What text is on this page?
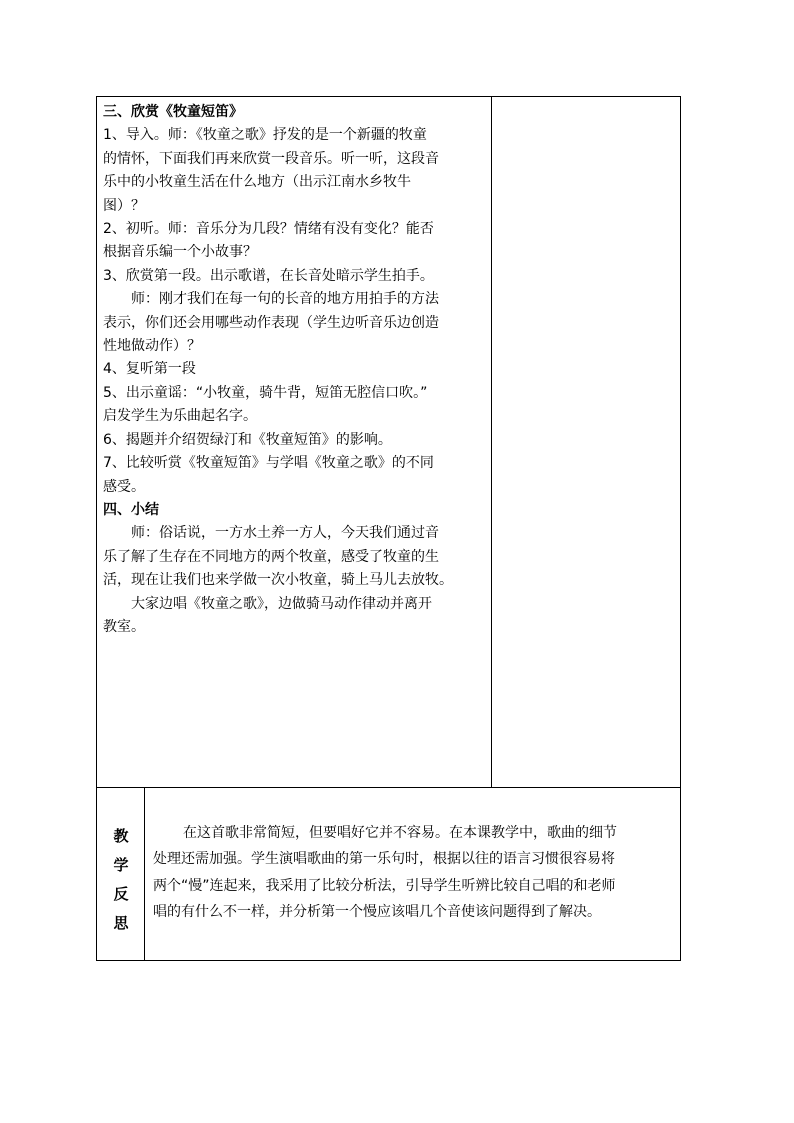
三、欣赏《牧童短笛》

1、导入。师：《牧童之歌》抒发的是一个新疆的牧童

的情怀，下面我们再来欣赏一段音乐。听一听，这段音

乐中的小牧童生活在什么地方（出示江南水乡牧牛

图）？

2、初听。师：音乐分为几段？情绪有没有变化？能否

根据音乐编一个小故事？

3、欣赏第一段。出示歌谱，在长音处暗示学生拍手。

师：刚才我们在每一句的长音的地方用拍手的方法

表示，你们还会用哪些动作表现（学生边听音乐边创造

性地做动作）？

4、复听第一段

5、出示童谣：“小牧童，骑牛背，短笛无腔信口吹。”

启发学生为乐曲起名字。

6、揭题并介绍贺绿汀和《牧童短笛》的影响。

7、比较听赏《牧童短笛》与学唱《牧童之歌》的不同

感受。

四、小结

师：俗话说，一方水土养一方人，今天我们通过音

乐了解了生存在不同地方的两个牧童，感受了牧童的生

活，现在让我们也来学做一次小牧童，骑上马儿去放牧。

大家边唱《牧童之歌》，边做骑马动作律动并离开

教室。

教
学
反
思

在这首歌非常简短，但要唱好它并不容易。在本课教学中，歌曲的细节

处理还需加强。学生演唱歌曲的第一乐句时，根据以往的语言习惯很容易将

两个“慢”连起来，我采用了比较分析法，引导学生听辨比较自己唱的和老师

唱的有什么不一样，并分析第一个慢应该唱几个音使该问题得到了解决。
